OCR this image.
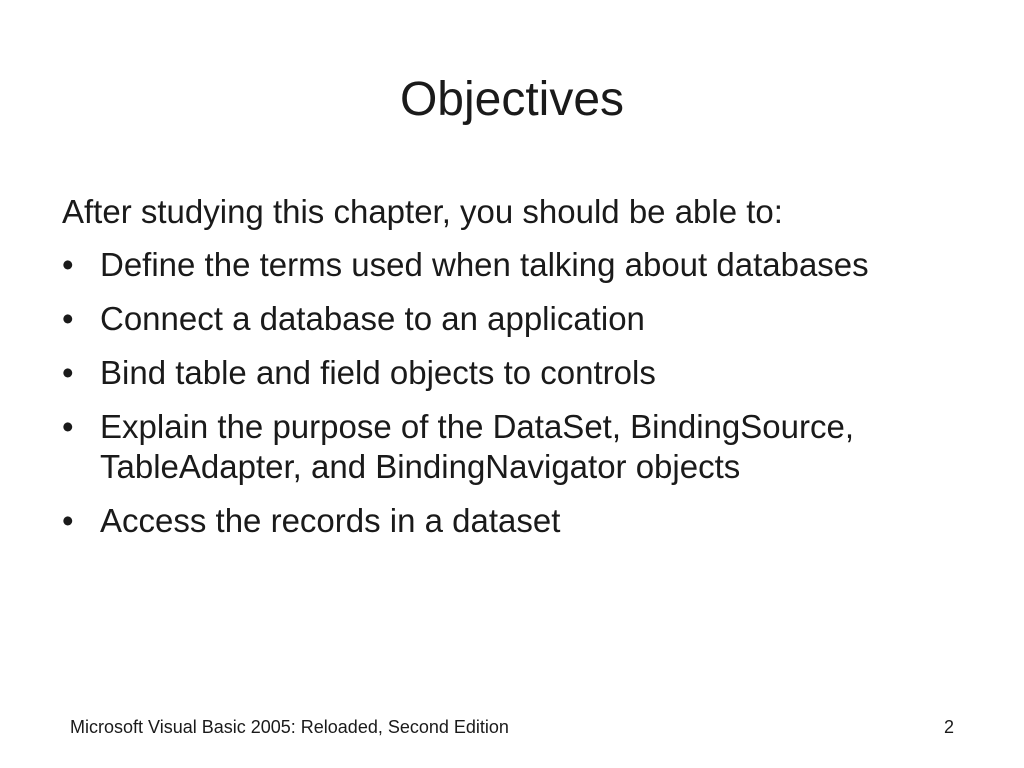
Objectives
After studying this chapter, you should be able to:
• Define the terms used when talking about databases
• Connect a database to an application
• Bind table and field objects to controls
• Explain the purpose of the DataSet, BindingSource, TableAdapter, and BindingNavigator objects
• Access the records in a dataset
Microsoft Visual Basic 2005: Reloaded, Second Edition	2
